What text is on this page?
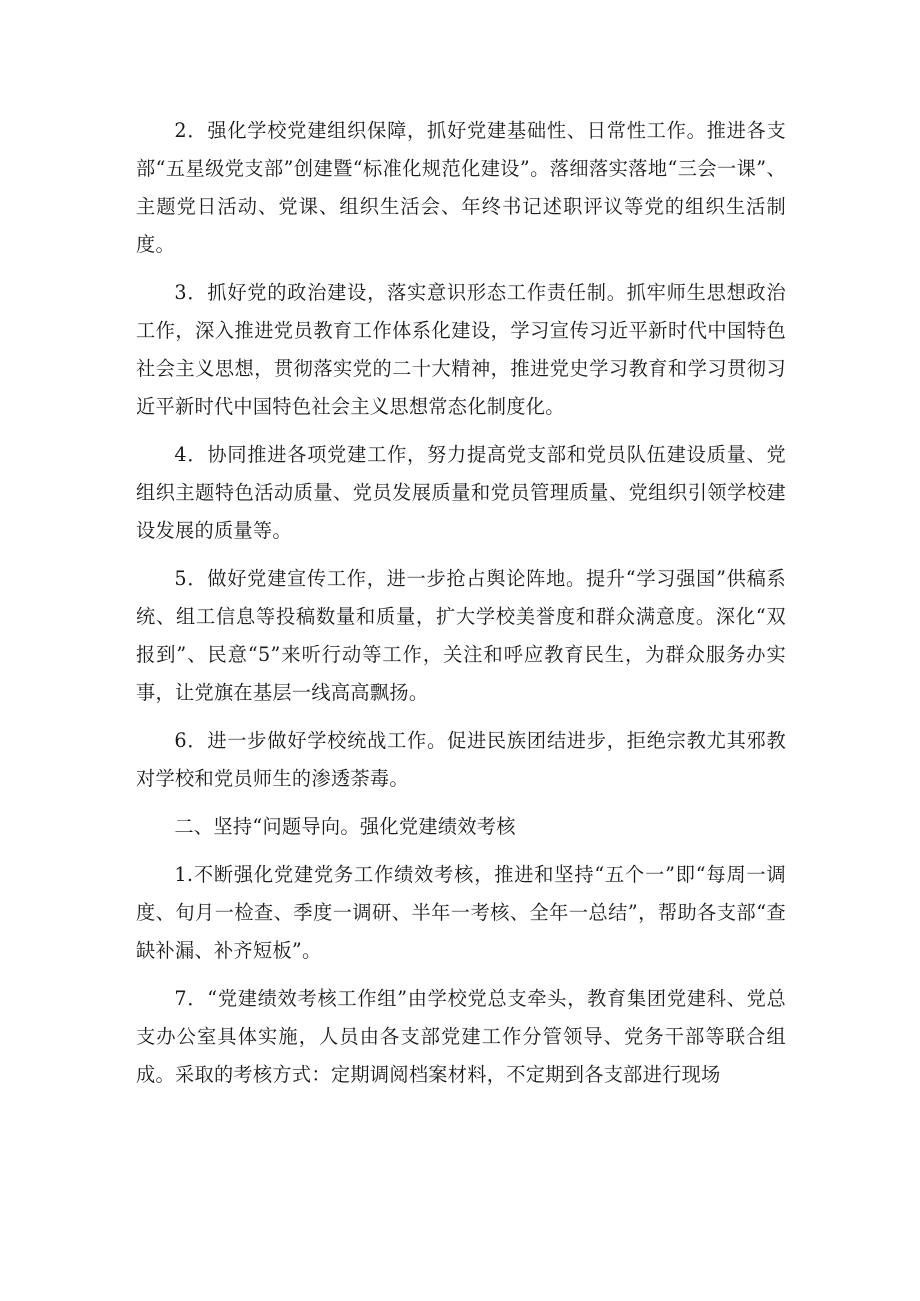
2．强化学校党建组织保障，抓好党建基础性、日常性工作。推进各支部“五星级党支部”创建暨“标准化规范化建设”。落细落实落地“三会一课”、主题党日活动、党课、组织生活会、年终书记述职评议等党的组织生活制度。

3．抓好党的政治建设，落实意识形态工作责任制。抓牢师生思想政治工作，深入推进党员教育工作体系化建设，学习宣传习近平新时代中国特色社会主义思想，贯彻落实党的二十大精神，推进党史学习教育和学习贯彻习近平新时代中国特色社会主义思想常态化制度化。

4．协同推进各项党建工作，努力提高党支部和党员队伍建设质量、党组织主题特色活动质量、党员发展质量和党员管理质量、党组织引领学校建设发展的质量等。

5．做好党建宣传工作，进一步抢占舆论阵地。提升“学习强国”供稿系统、组工信息等投稿数量和质量，扩大学校美誉度和群众满意度。深化“双报到”、民意“5”来听行动等工作，关注和呼应教育民生，为群众服务办实事，让党旗在基层一线高高飘扬。

6．进一步做好学校统战工作。促进民族团结进步，拒绝宗教尤其邪教对学校和党员师生的渗透荼毒。

二、坚持“问题导向。强化党建绩效考核

1.不断强化党建党务工作绩效考核，推进和坚持“五个一”即“每周一调度、旬月一检查、季度一调研、半年一考核、全年一总结”，帮助各支部“查缺补漏、补齐短板”。

7．“党建绩效考核工作组”由学校党总支牵头，教育集团党建科、党总支办公室具体实施，人员由各支部党建工作分管领导、党务干部等联合组成。采取的考核方式：定期调阅档案材料，不定期到各支部进行现场
